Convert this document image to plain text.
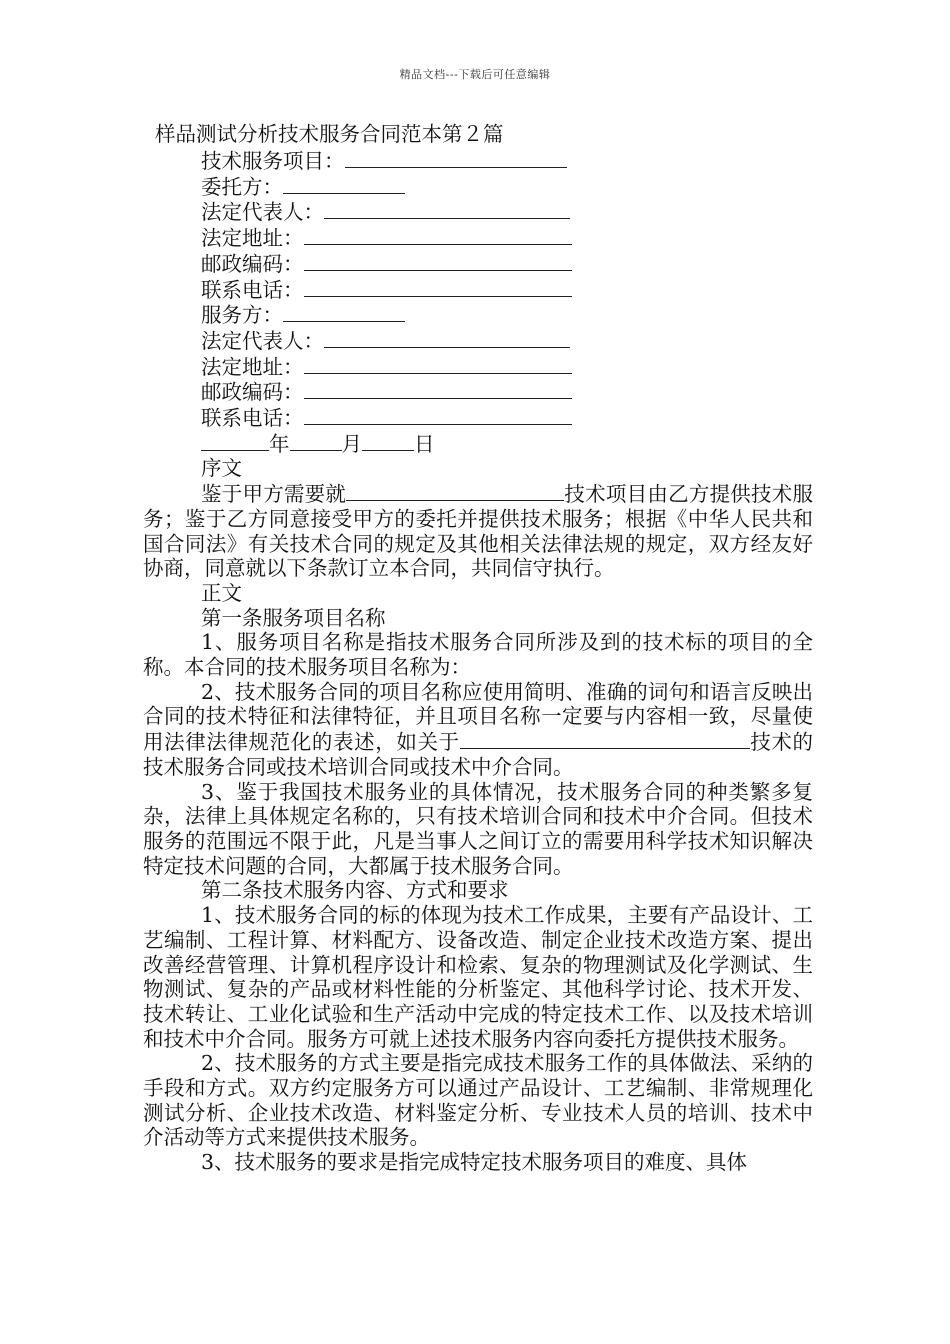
精品文档---下载后可任意编辑
样品测试分析技术服务合同范本第２篇
技术服务项目：
委托方：
法定代表人：
法定地址：
邮政编码：
联系电话：
服务方：
法定代表人：
法定地址：
邮政编码：
联系电话：
年	月	日
序文

鉴于甲方需要就	技术项目由乙方提供技术服务；鉴于乙方同意接受甲方的委托并提供技术服务；根据《中华人民共和国合同法》有关技术合同的规定及其他相关法律法规的规定，双方经友好协商，同意就以下条款订立本合同，共同信守执行。

正文
第一条服务项目名称

1、服务项目名称是指技术服务合同所涉及到的技术标的项目的全称。本合同的技术服务项目名称为：

2、技术服务合同的项目名称应使用简明、准确的词句和语言反映出合同的技术特征和法律特征，并且项目名称一定要与内容相一致，尽量使用法律法律规范化的表述，如关于	技术的技术服务合同或技术培训合同或技术中介合同。

3、鉴于我国技术服务业的具体情况，技术服务合同的种类繁多复杂，法律上具体规定名称的，只有技术培训合同和技术中介合同。但技术服务的范围远不限于此，凡是当事人之间订立的需要用科学技术知识解决特定技术问题的合同，大都属于技术服务合同。

第二条技术服务内容、方式和要求

1、技术服务合同的标的体现为技术工作成果，主要有产品设计、工艺编制、工程计算、材料配方、设备改造、制定企业技术改造方案、提出改善经营管理、计算机程序设计和检索、复杂的物理测试及化学测试、生物测试、复杂的产品或材料性能的分析鉴定、其他科学讨论、技术开发、技术转让、工业化试验和生产活动中完成的特定技术工作、以及技术培训和技术中介合同。服务方可就上述技术服务内容向委托方提供技术服务。

2、技术服务的方式主要是指完成技术服务工作的具体做法、采纳的手段和方式。双方约定服务方可以通过产品设计、工艺编制、非常规理化测试分析、企业技术改造、材料鉴定分析、专业技术人员的培训、技术中介活动等方式来提供技术服务。

3、技术服务的要求是指完成特定技术服务项目的难度、具体
